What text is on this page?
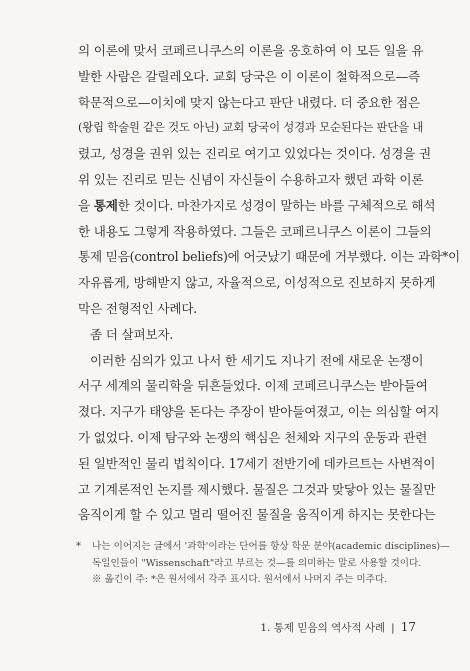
의 이론에 맞서 코페르니쿠스의 이론을 옹호하여 이 모든 일을 유
발한 사람은 갈릴레오다. 교회 당국은 이 이론이 철학적으로—즉
학문적으로—이치에 맞지 않는다고 판단 내렸다. 더 중요한 점은
(왕립 학술원 같은 것도 아닌) 교회 당국이 성경과 모순된다는 판단을 내
렸고, 성경을 권위 있는 진리로 여기고 있었다는 것이다. 성경을 권
위 있는 진리로 믿는 신념이 자신들이 수용하고자 했던 과학 이론
을 통제한 것이다. 마찬가지로 성경이 말하는 바를 구체적으로 해석
한 내용도 그렇게 작용하였다. 그들은 코페르니쿠스 이론이 그들의
통제 믿음(control beliefs)에 어긋났기 때문에 거부했다. 이는 과학*이
자유롭게, 방해받지 않고, 자율적으로, 이성적으로 진보하지 못하게
막은 전형적인 사례다.
좀 더 살펴보자.
이러한 심의가 있고 나서 한 세기도 지나기 전에 새로운 논쟁이
서구 세계의 물리학을 뒤흔들었다. 이제 코페르니쿠스는 받아들여
졌다. 지구가 태양을 돈다는 주장이 받아들여졌고, 이는 의심할 여지
가 없었다. 이제 탐구와 논쟁의 핵심은 천체와 지구의 운동과 관련
된 일반적인 물리 법칙이다. 17세기 전반기에 데카르트는 사변적이
고 기계론적인 논지를 제시했다. 물질은 그것과 맞닿아 있는 물질만
움직이게 할 수 있고 멀리 떨어진 물질을 움직이게 하지는 못한다는
* 나는 이어지는 글에서 '과학'이라는 단어를 항상 학문 분야(academic disciplines)—
독일인들이 "Wissenschaft"라고 부르는 것—를 의미하는 말로 사용할 것이다.
※ 옮긴이 주: *은 원서에서 각주 표시다. 원서에서 나머지 주는 미주다.
1. 통제 믿음의 역사적 사례 | 17
